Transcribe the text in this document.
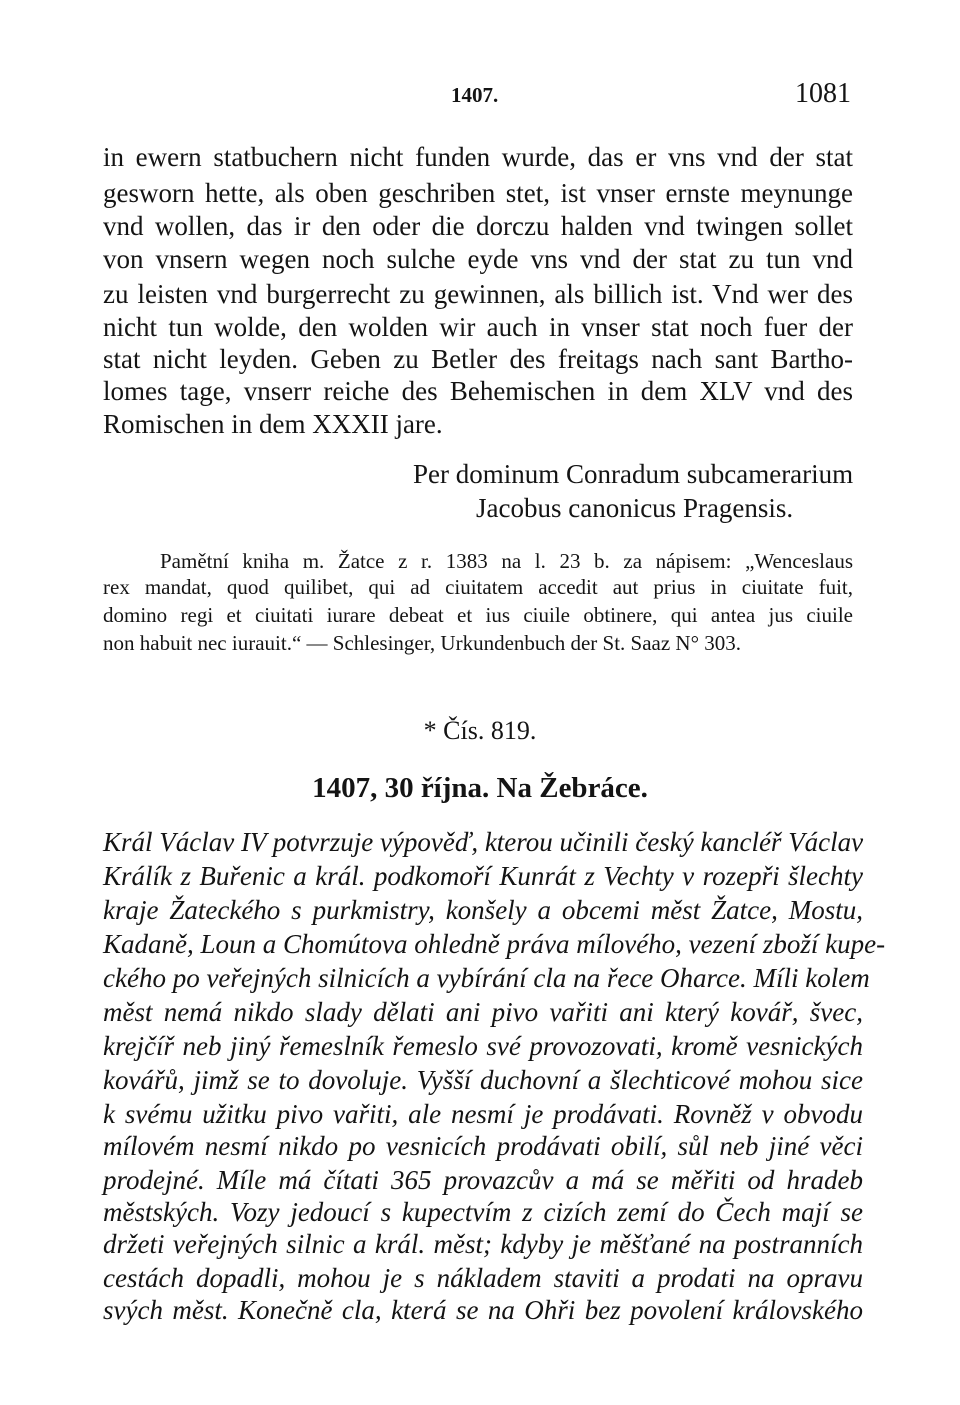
1407.	1081

in ewern statbuchern nicht funden wurde, das er vns vnd der stat

gesworn hette, als oben geschriben stet, ist vnser ernste meynunge

vnd wollen, das ir den oder die dorczu halden vnd twingen sollet

von vnsern wegen noch sulche eyde vns vnd der stat zu tun vnd

zu leisten vnd burgerrecht zu gewinnen, als billich ist. Vnd wer des

nicht tun wolde, den wolden wir auch in vnser stat noch fuer der

stat nicht leyden. Geben zu Betler des freitags nach sant Bartho-

lomes tage, vnserr reiche des Behemischen in dem XLV vnd des

Romischen in dem XXXII jare.

Per dominum Conradum subcamerarium

Jacobus canonicus Pragensis.

Pamětní kniha m. Žatce z r. 1383 na l. 23 b. za nápisem: „Wenceslaus

rex mandat, quod quilibet, qui ad ciuitatem accedit aut prius in ciuitate fuit,

domino regi et ciuitati iurare debeat et ius ciuile obtinere, qui antea jus ciuile

non habuit nec iurauit.“ — Schlesinger, Urkundenbuch der St. Saaz N° 303.

* Čís. 819.
1407, 30 října. Na Žebráce.

Král Václav IV potvrzuje výpověď, kterou učinili český kancléř Václav

Králík z Buřenic a král. podkomoří Kunrát z Vechty v rozepři šlechty

kraje Žateckého s purkmistry, konšely a obcemi měst Žatce, Mostu,

Kadaně, Loun a Chomútova ohledně práva mílového, vezení zboží kupe-

ckého po veřejných silnicích a vybírání cla na řece Oharce. Míli kolem

měst nemá nikdo slady dělati ani pivo vařiti ani který kovář, švec,

krejčíř neb jiný řemeslník řemeslo své provozovati, kromě vesnických

kovářů, jimž se to dovoluje. Vyšší duchovní a šlechticové mohou sice

k svému užitku pivo vařiti, ale nesmí je prodávati. Rovněž v obvodu

mílovém nesmí nikdo po vesnicích prodávati obilí, sůl neb jiné věci

prodejné. Míle má čítati 365 provazcův a má se měřiti od hradeb

městských. Vozy jedoucí s kupectvím z cizích zemí do Čech mají se

držeti veřejných silnic a král. měst; kdyby je měšťané na postranních

cestách dopadli, mohou je s nákladem staviti a prodati na opravu

svých měst. Konečně cla, která se na Ohři bez povolení královského
